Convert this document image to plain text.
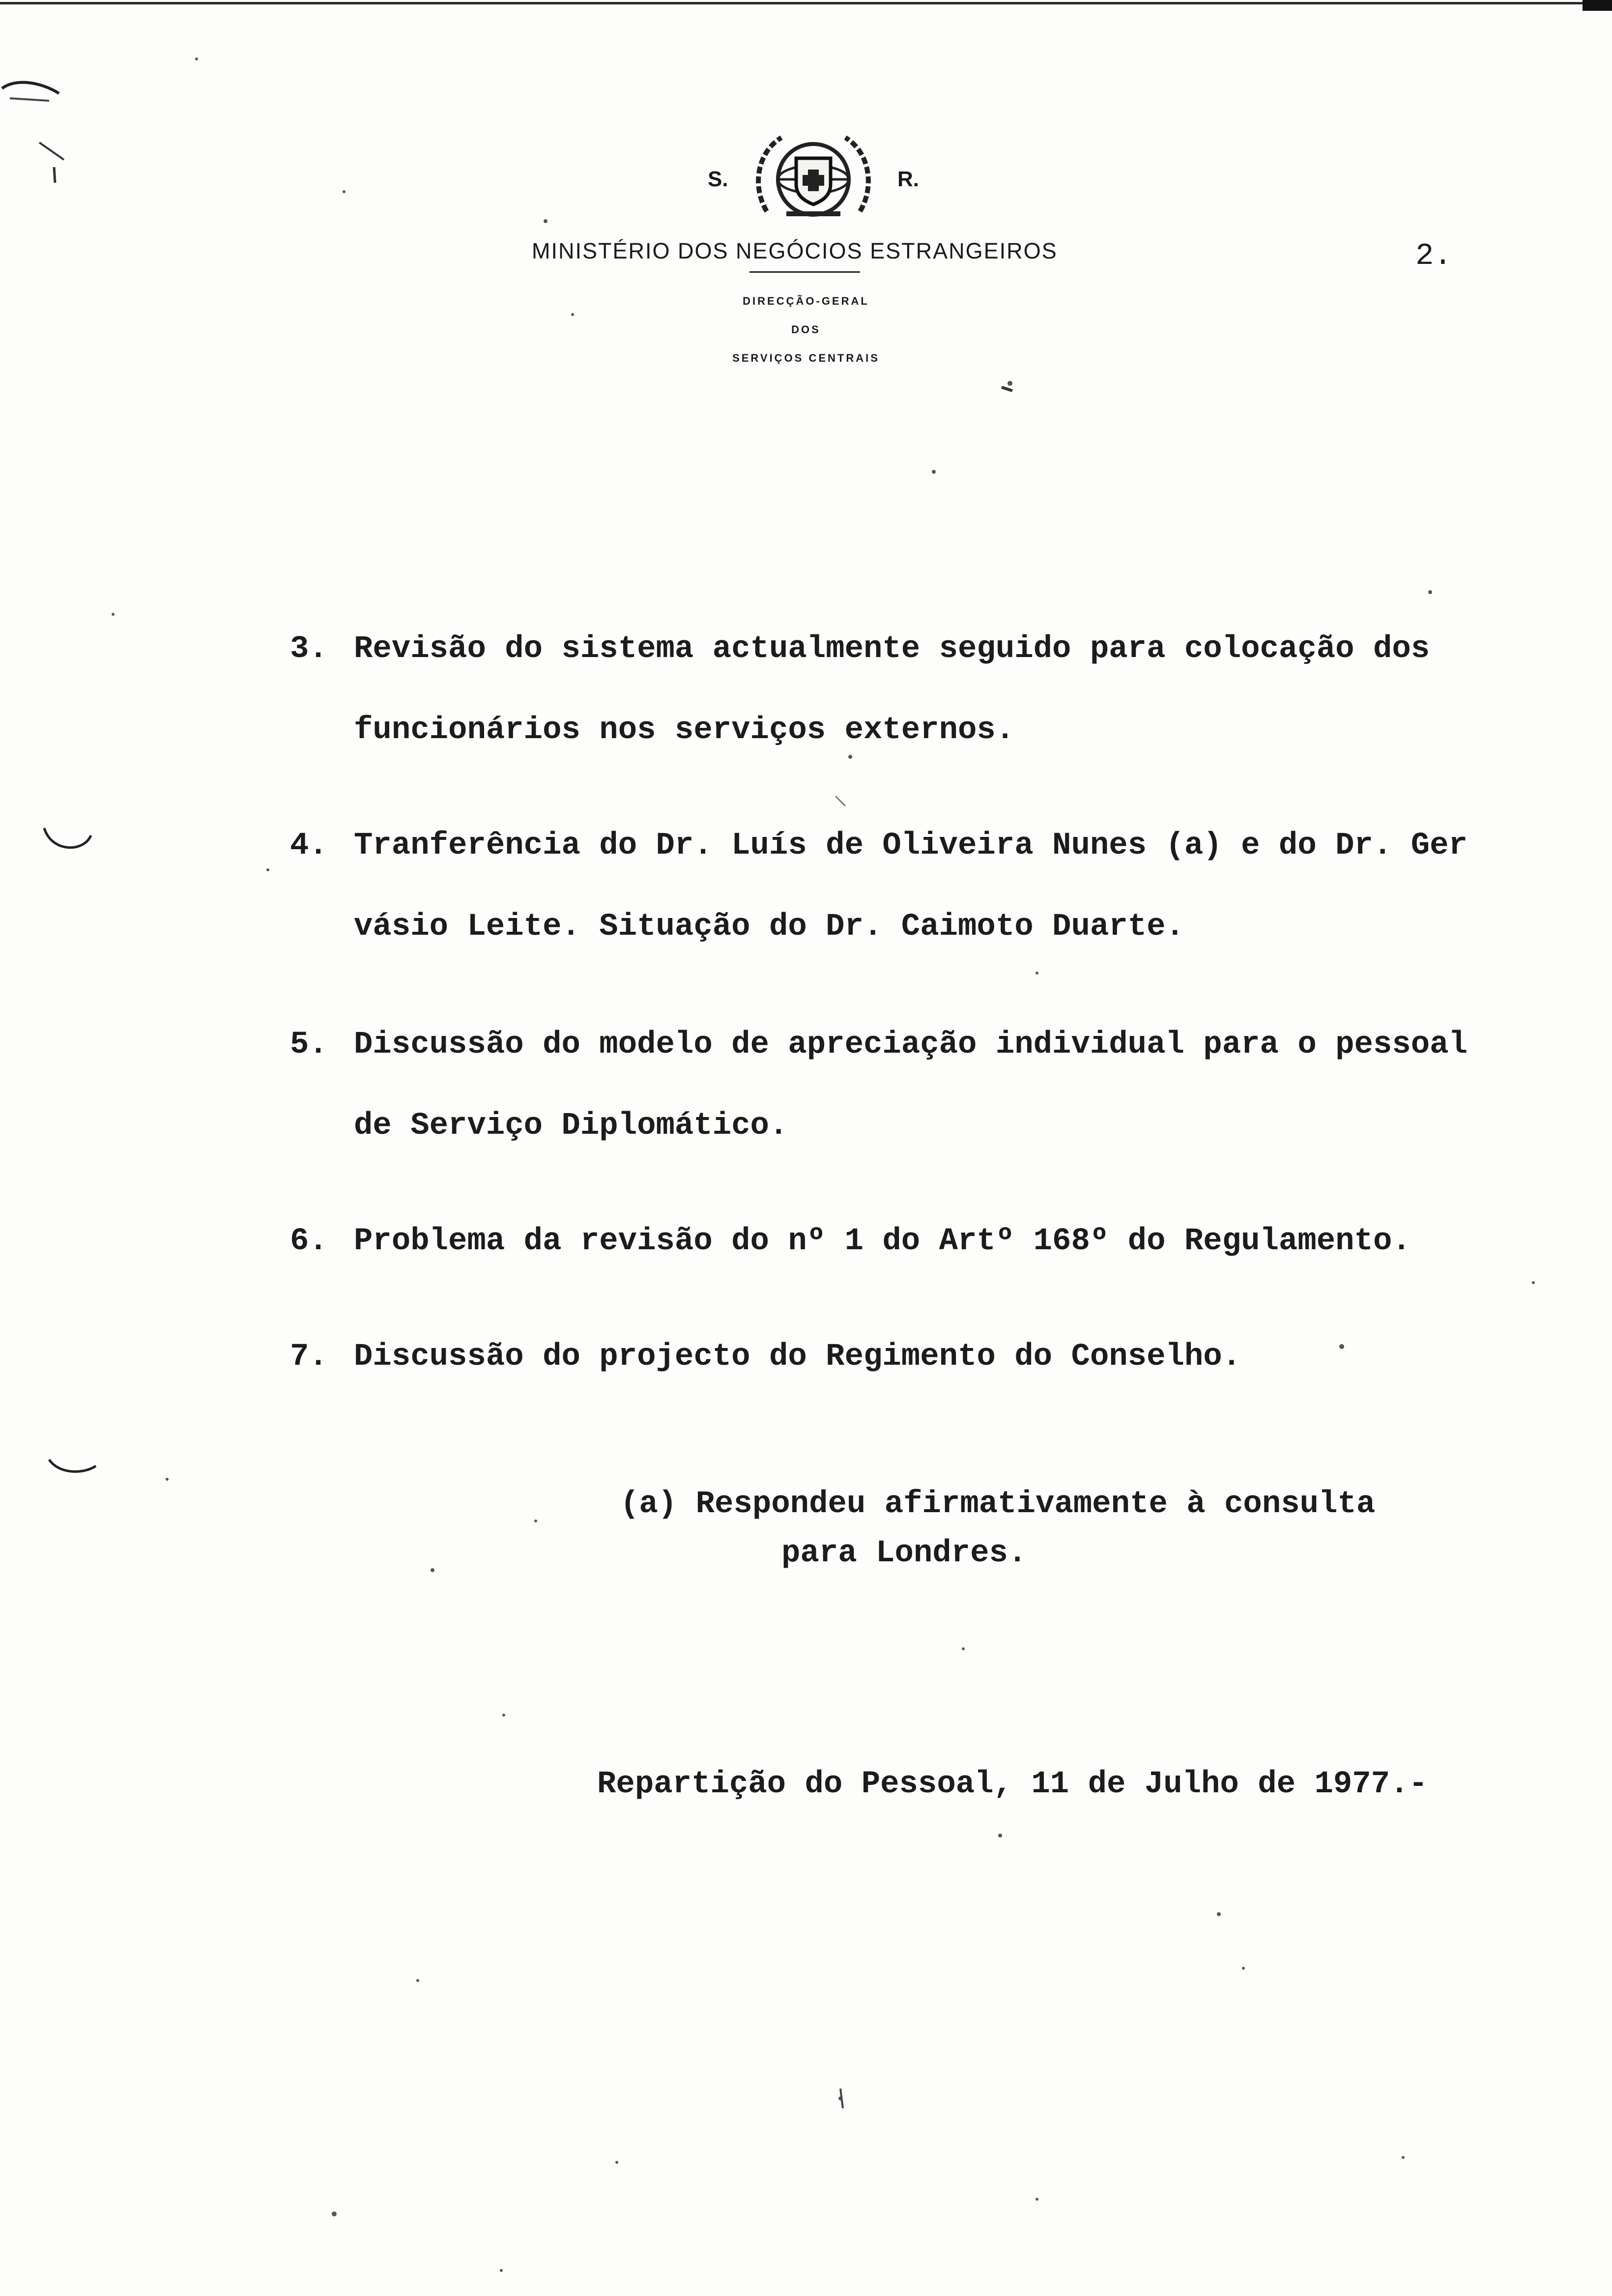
S.	R.
MINISTÉRIO DOS NEGÓCIOS ESTRANGEIROS
DIRECÇÃO-GERAL
DOS
SERVIÇOS CENTRAIS
2.
3. Revisão do sistema actualmente seguido para colocação dos
funcionários nos serviços externos.
4. Tranferência do Dr. Luís de Oliveira Nunes (a) e do Dr. Ger
vásio Leite. Situação do Dr. Caimoto Duarte.
5. Discussão do modelo de apreciação individual para o pessoal
de Serviço Diplomático.
6. Problema da revisão do nº 1 do Artº 168º do Regulamento.
7. Discussão do projecto do Regimento do Conselho.
(a) Respondeu afirmativamente à consulta
para Londres.
Repartição do Pessoal, 11 de Julho de 1977.-
